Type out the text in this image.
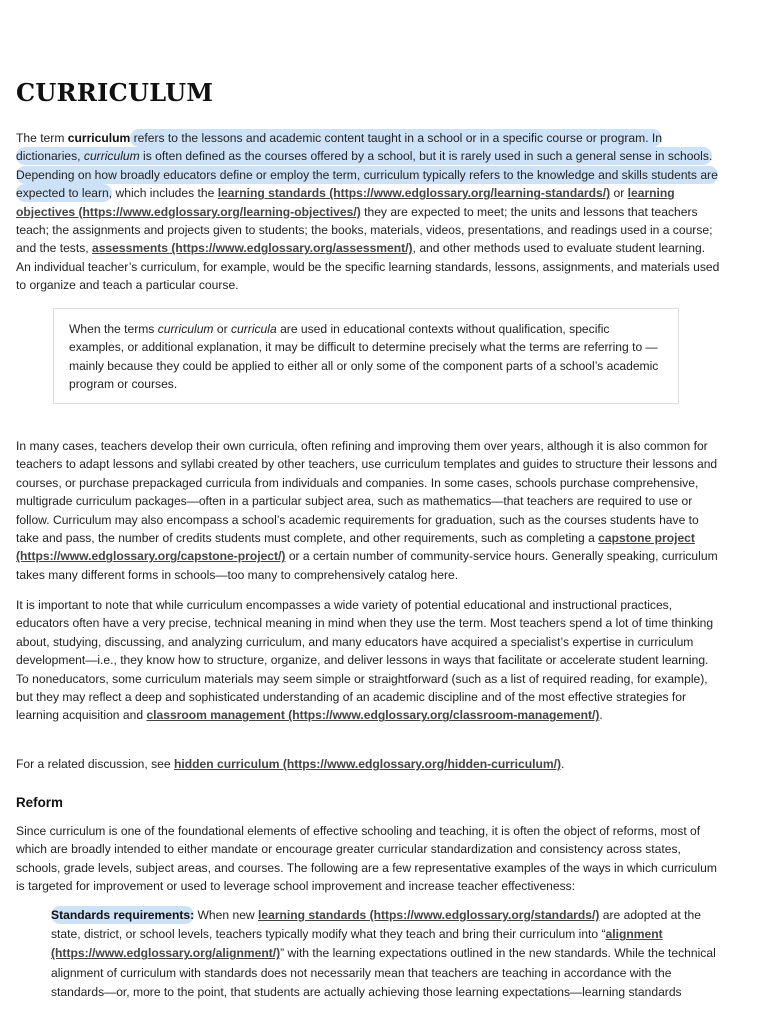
CURRICULUM

The term curriculum refers to the lessons and academic content taught in a school or in a specific course or program. In dictionaries, curriculum is often defined as the courses offered by a school, but it is rarely used in such a general sense in schools. Depending on how broadly educators define or employ the term, curriculum typically refers to the knowledge and skills students are expected to learn, which includes the learning standards (https://www.edglossary.org/learning-standards/) or learning objectives (https://www.edglossary.org/learning-objectives/) they are expected to meet; the units and lessons that teachers teach; the assignments and projects given to students; the books, materials, videos, presentations, and readings used in a course; and the tests, assessments (https://www.edglossary.org/assessment/), and other methods used to evaluate student learning. An individual teacher’s curriculum, for example, would be the specific learning standards, lessons, assignments, and materials used to organize and teach a particular course.

When the terms curriculum or curricula are used in educational contexts without qualification, specific examples, or additional explanation, it may be difficult to determine precisely what the terms are referring to —mainly because they could be applied to either all or only some of the component parts of a school’s academic program or courses.

In many cases, teachers develop their own curricula, often refining and improving them over years, although it is also common for teachers to adapt lessons and syllabi created by other teachers, use curriculum templates and guides to structure their lessons and courses, or purchase prepackaged curricula from individuals and companies. In some cases, schools purchase comprehensive, multigrade curriculum packages—often in a particular subject area, such as mathematics—that teachers are required to use or follow. Curriculum may also encompass a school’s academic requirements for graduation, such as the courses students have to take and pass, the number of credits students must complete, and other requirements, such as completing a capstone project (https://www.edglossary.org/capstone-project/) or a certain number of community-service hours. Generally speaking, curriculum takes many different forms in schools—too many to comprehensively catalog here.

It is important to note that while curriculum encompasses a wide variety of potential educational and instructional practices, educators often have a very precise, technical meaning in mind when they use the term. Most teachers spend a lot of time thinking about, studying, discussing, and analyzing curriculum, and many educators have acquired a specialist’s expertise in curriculum development—i.e., they know how to structure, organize, and deliver lessons in ways that facilitate or accelerate student learning. To noneducators, some curriculum materials may seem simple or straightforward (such as a list of required reading, for example), but they may reflect a deep and sophisticated understanding of an academic discipline and of the most effective strategies for learning acquisition and classroom management (https://www.edglossary.org/classroom-management/).

For a related discussion, see hidden curriculum (https://www.edglossary.org/hidden-curriculum/).

Reform

Since curriculum is one of the foundational elements of effective schooling and teaching, it is often the object of reforms, most of which are broadly intended to either mandate or encourage greater curricular standardization and consistency across states, schools, grade levels, subject areas, and courses. The following are a few representative examples of the ways in which curriculum is targeted for improvement or used to leverage school improvement and increase teacher effectiveness:

Standards requirements: When new learning standards (https://www.edglossary.org/standards/) are adopted at the state, district, or school levels, teachers typically modify what they teach and bring their curriculum into “alignment (https://www.edglossary.org/alignment/)” with the learning expectations outlined in the new standards. While the technical alignment of curriculum with standards does not necessarily mean that teachers are teaching in accordance with the standards—or, more to the point, that students are actually achieving those learning expectations—learning standards
